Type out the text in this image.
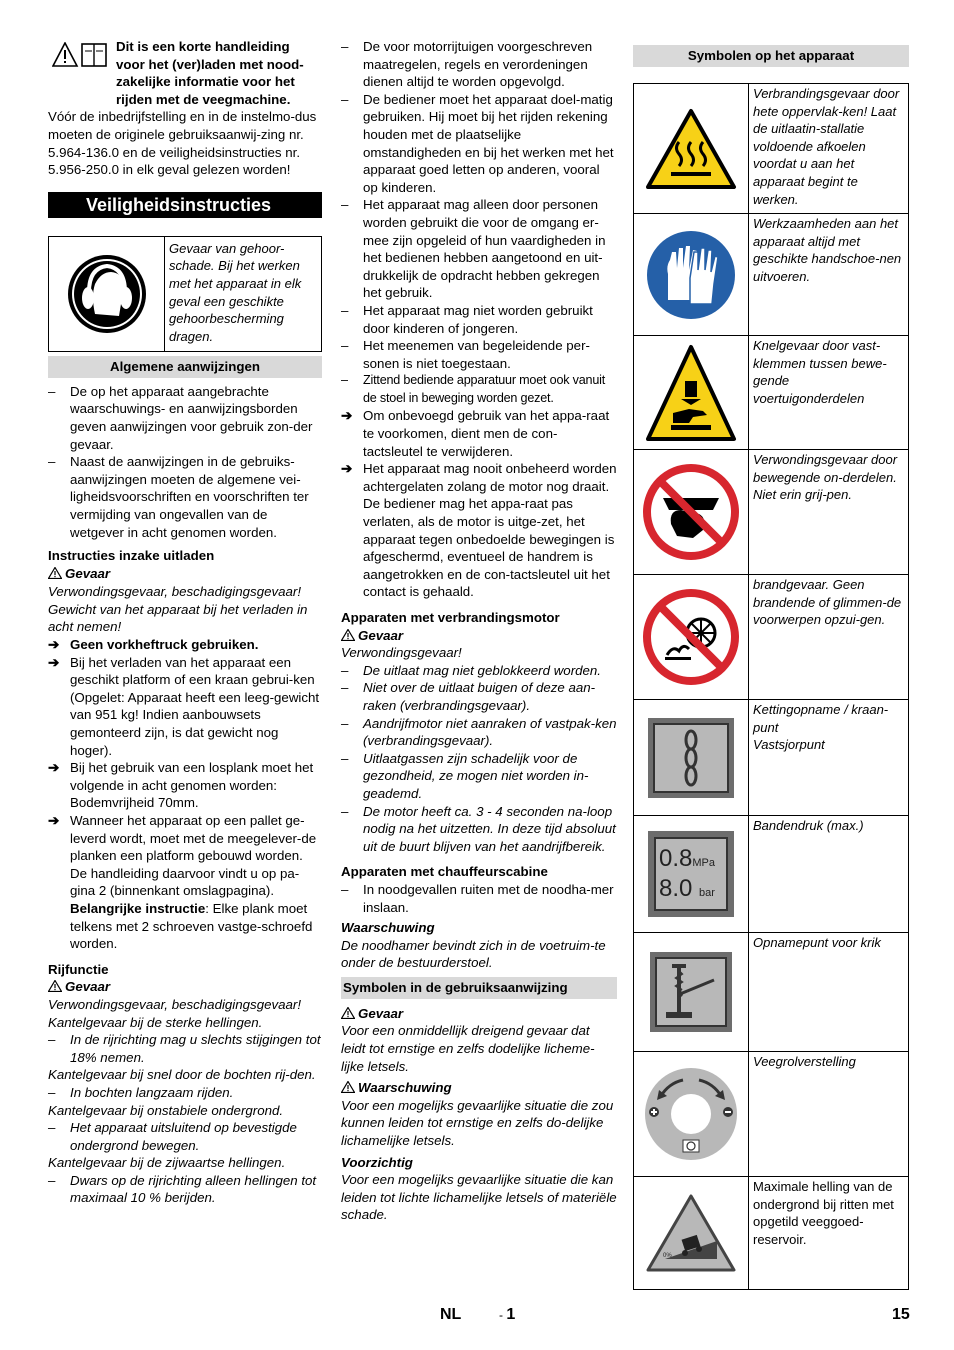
Dit is een korte handleiding voor het (ver)laden met nood-zakelijke informatie voor het rijden met de veegmachine.

Vóór de inbedrijfstelling en in de instelmo-dus moeten de originele gebruiksaanwij-zing nr. 5.964-136.0 en de veiligheidsinstructies nr. 5.956-250.0 in elk geval gelezen worden!

Veiligheidsinstructies
Gevaar van gehoor-schade. Bij het werken met het apparaat in elk geval een geschikte gehoorbescherming dragen.
Algemene aanwijzingen

– De op het apparaat aangebrachte waarschuwings- en aanwijzingsborden geven aanwijzingen voor gebruik zon-der gevaar.

– Naast de aanwijzingen in de gebruiks-aanwijzingen moeten de algemene vei-ligheidsvoorschriften en voorschriften ter vermijding van ongevallen van de wetgever in acht genomen worden.

Instructies inzake uitladen

Gevaar

Verwondingsgevaar, beschadigingsgevaar! Gewicht van het apparaat bij het verladen in acht nemen!

➔ Geen vorkheftruck gebruiken.

➔ Bij het verladen van het apparaat een geschikt platform of een kraan gebrui-ken (Opgelet: Apparaat heeft een leeg-gewicht van 951 kg! Indien aanbouwsets gemonteerd zijn, is dat gewicht nog hoger).

➔ Bij het gebruik van een losplank moet het volgende in acht genomen worden: Bodemvrijheid 70mm.

➔ Wanneer het apparaat op een pallet ge-leverd wordt, moet met de meegelever-de planken een platform gebouwd worden.

De handleiding daarvoor vindt u op pa-gina 2 (binnenkant omslagpagina).

Belangrijke instructie: Elke plank moet telkens met 2 schroeven vastge-schroefd worden.

Rijfunctie

Gevaar

Verwondingsgevaar, beschadigingsgevaar!

Kantelgevaar bij de sterke hellingen.

– In de rijrichting mag u slechts stijgingen tot 18% nemen.

Kantelgevaar bij snel door de bochten rij-den.

– In bochten langzaam rijden.

Kantelgevaar bij onstabiele ondergrond.

– Het apparaat uitsluitend op bevestigde ondergrond bewegen.

Kantelgevaar bij de zijwaartse hellingen.

– Dwars op de rijrichting alleen hellingen tot maximaal 10 % berijden.

– De voor motorrijtuigen voorgeschreven maatregelen, regels en verordeningen dienen altijd te worden opgevolgd.

– De bediener moet het apparaat doel-matig gebruiken. Hij moet bij het rijden rekening houden met de plaatselijke omstandigheden en bij het werken met het apparaat goed letten op anderen, vooral op kinderen.

– Het apparaat mag alleen door personen worden gebruikt die voor de omgang er-mee zijn opgeleid of hun vaardigheden in het bedienen hebben aangetoond en uit-drukkelijk de opdracht hebben gekregen het gebruik.

– Het apparaat mag niet worden gebruikt door kinderen of jongeren.

– Het meenemen van begeleidende per-sonen is niet toegestaan.

– Zittend bediende apparatuur moet ook vanuit de stoel in beweging worden gezet.

➔ Om onbevoegd gebruik van het appa-raat te voorkomen, dient men de con-tactsleutel te verwijderen.

➔ Het apparaat mag nooit onbeheerd worden achtergelaten zolang de motor nog draait. De bediener mag het appa-raat pas verlaten, als de motor is uitge-zet, het apparaat tegen onbedoelde bewegingen is afgeschermd, eventueel de handrem is aangetrokken en de con-tactsleutel uit het contact is gehaald.

Apparaten met verbrandingsmotor

Gevaar

Verwondingsgevaar!

– De uitlaat mag niet geblokkeerd worden.

– Niet over de uitlaat buigen of deze aan-raken (verbrandingsgevaar).

– Aandrijfmotor niet aanraken of vastpak-ken (verbrandingsgevaar).

– Uitlaatgassen zijn schadelijk voor de gezondheid, ze mogen niet worden in-geademd.

– De motor heeft ca. 3 - 4 seconden na-loop nodig na het uitzetten. In deze tijd absoluut uit de buurt blijven van het aandrijfbereik.

Apparaten met chauffeurscabine

– In noodgevallen ruiten met de noodha-mer inslaan.

Waarschuwing

De noodhamer bevindt zich in de voetruim-te onder de bestuurderstoel.

Symbolen in de gebruiksaanwijzing

Gevaar

Voor een onmiddellijk dreigend gevaar dat leidt tot ernstige en zelfs dodelijke licheme-lijke letsels.

Waarschuwing

Voor een mogelijks gevaarlijke situatie die zou kunnen leiden tot ernstige en zelfs do-delijke lichamelijke letsels.

Voorzichtig

Voor een mogelijks gevaarlijke situatie die kan leiden tot lichte lichamelijke letsels of materiële schade.

Symbolen op het apparaat
Verbrandingsgevaar door hete oppervlak-ken! Laat de uitlaatin-stallatie voldoende afkoelen voordat u aan het apparaat begint te werken.
Werkzaamheden aan het apparaat altijd met geschikte handschoe-nen uitvoeren.
Knelgevaar door vast-klemmen tussen bewe-gende voertuigonderdelen
Verwondingsgevaar door bewegende on-derdelen. Niet erin grij-pen.
brandgevaar. Geen brandende of glimmen-de voorwerpen opzui-gen.
Kettingopname / kraan-punt
Vastsjorpunt
0.8MPa
8.0 bar
Bandendruk (max.)
Opnamepunt voor krik
Veegrolverstelling
0%
Maximale helling van de ondergrond bij ritten met opgetild veeggoed-reservoir.
NL	- 1	15
